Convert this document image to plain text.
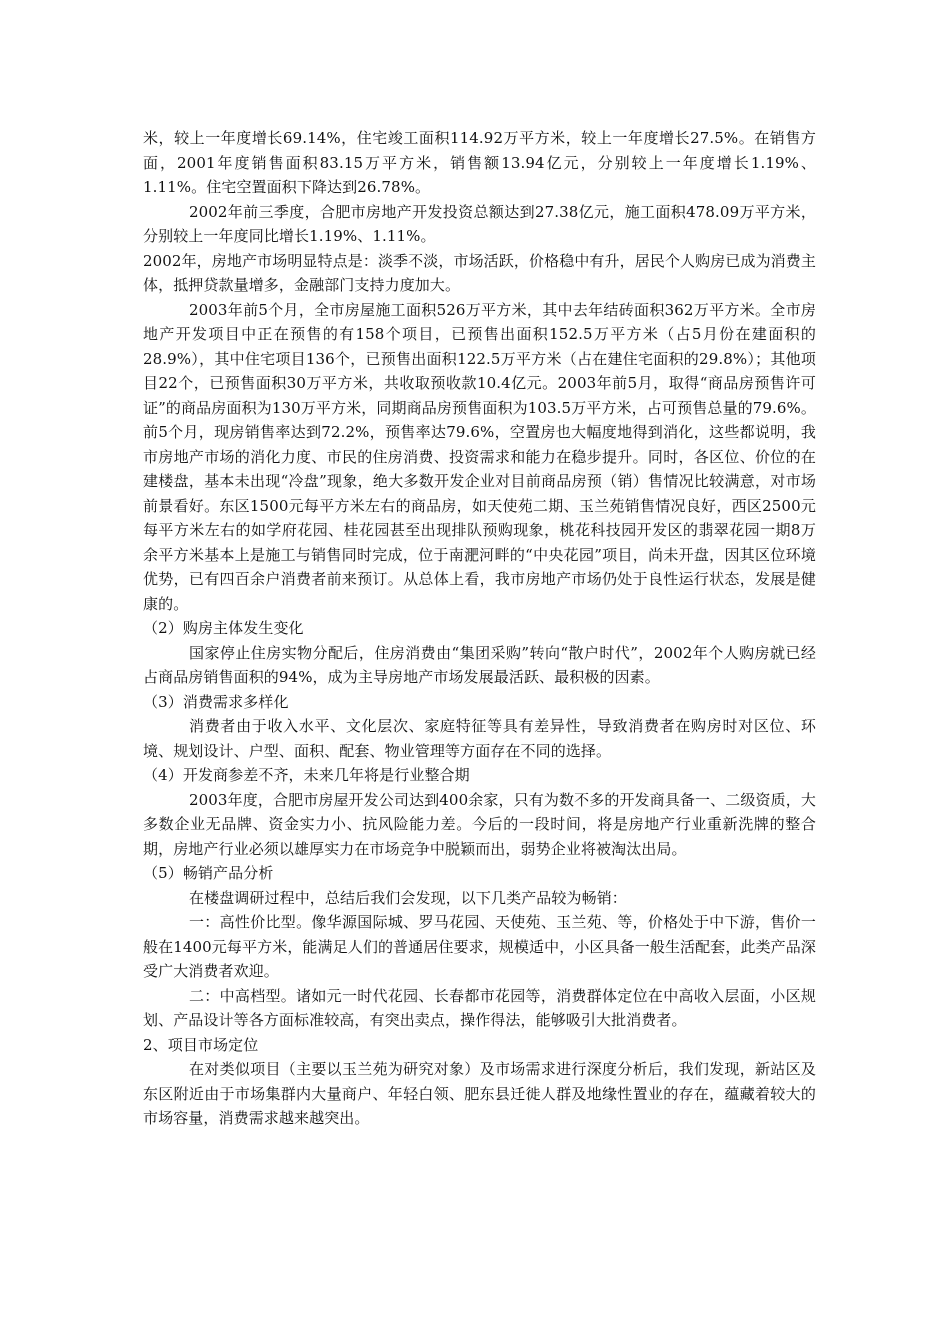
米，较上一年度增长69.14%，住宅竣工面积114.92万平方米，较上一年度增长27.5%。在销售方面，2001年度销售面积83.15万平方米，销售额13.94亿元，分别较上一年度增长1.19%、1.11%。住宅空置面积下降达到26.78%。

2002年前三季度，合肥市房地产开发投资总额达到27.38亿元，施工面积478.09万平方米，分别较上一年度同比增长1.19%、1.11%。

2002年，房地产市场明显特点是：淡季不淡，市场活跃，价格稳中有升，居民个人购房已成为消费主体，抵押贷款量增多，金融部门支持力度加大。

2003年前5个月，全市房屋施工面积526万平方米，其中去年结砖面积362万平方米。全市房地产开发项目中正在预售的有158个项目，已预售出面积152.5万平方米（占5月份在建面积的28.9%），其中住宅项目136个，已预售出面积122.5万平方米（占在建住宅面积的29.8%）；其他项目22个，已预售面积30万平方米，共收取预收款10.4亿元。2003年前5月，取得“商品房预售许可证”的商品房面积为130万平方米，同期商品房预售面积为103.5万平方米，占可预售总量的79.6%。前5个月，现房销售率达到72.2%，预售率达79.6%，空置房也大幅度地得到消化，这些都说明，我市房地产市场的消化力度、市民的住房消费、投资需求和能力在稳步提升。同时，各区位、价位的在建楼盘，基本未出现“冷盘”现象，绝大多数开发企业对目前商品房预（销）售情况比较满意，对市场前景看好。东区1500元每平方米左右的商品房，如天使苑二期、玉兰苑销售情况良好，西区2500元每平方米左右的如学府花园、桂花园甚至出现排队预购现象，桃花科技园开发区的翡翠花园一期8万余平方米基本上是施工与销售同时完成，位于南淝河畔的“中央花园”项目，尚未开盘，因其区位环境优势，已有四百余户消费者前来预订。从总体上看，我市房地产市场仍处于良性运行状态，发展是健康的。

（2）购房主体发生变化

国家停止住房实物分配后，住房消费由“集团采购”转向“散户时代”，2002年个人购房就已经占商品房销售面积的94%，成为主导房地产市场发展最活跃、最积极的因素。

（3）消费需求多样化

消费者由于收入水平、文化层次、家庭特征等具有差异性，导致消费者在购房时对区位、环境、规划设计、户型、面积、配套、物业管理等方面存在不同的选择。

（4）开发商参差不齐，未来几年将是行业整合期

2003年度，合肥市房屋开发公司达到400余家，只有为数不多的开发商具备一、二级资质，大多数企业无品牌、资金实力小、抗风险能力差。今后的一段时间，将是房地产行业重新洗牌的整合期，房地产行业必须以雄厚实力在市场竞争中脱颖而出，弱势企业将被淘汰出局。

（5）畅销产品分析

在楼盘调研过程中，总结后我们会发现，以下几类产品较为畅销：

一：高性价比型。像华源国际城、罗马花园、天使苑、玉兰苑、等，价格处于中下游，售价一般在1400元每平方米，能满足人们的普通居住要求，规模适中，小区具备一般生活配套，此类产品深受广大消费者欢迎。

二：中高档型。诸如元一时代花园、长春都市花园等，消费群体定位在中高收入层面，小区规划、产品设计等各方面标准较高，有突出卖点，操作得法，能够吸引大批消费者。

2、项目市场定位

在对类似项目（主要以玉兰苑为研究对象）及市场需求进行深度分析后，我们发现，新站区及东区附近由于市场集群内大量商户、年轻白领、肥东县迁徙人群及地缘性置业的存在，蕴藏着较大的市场容量，消费需求越来越突出。
